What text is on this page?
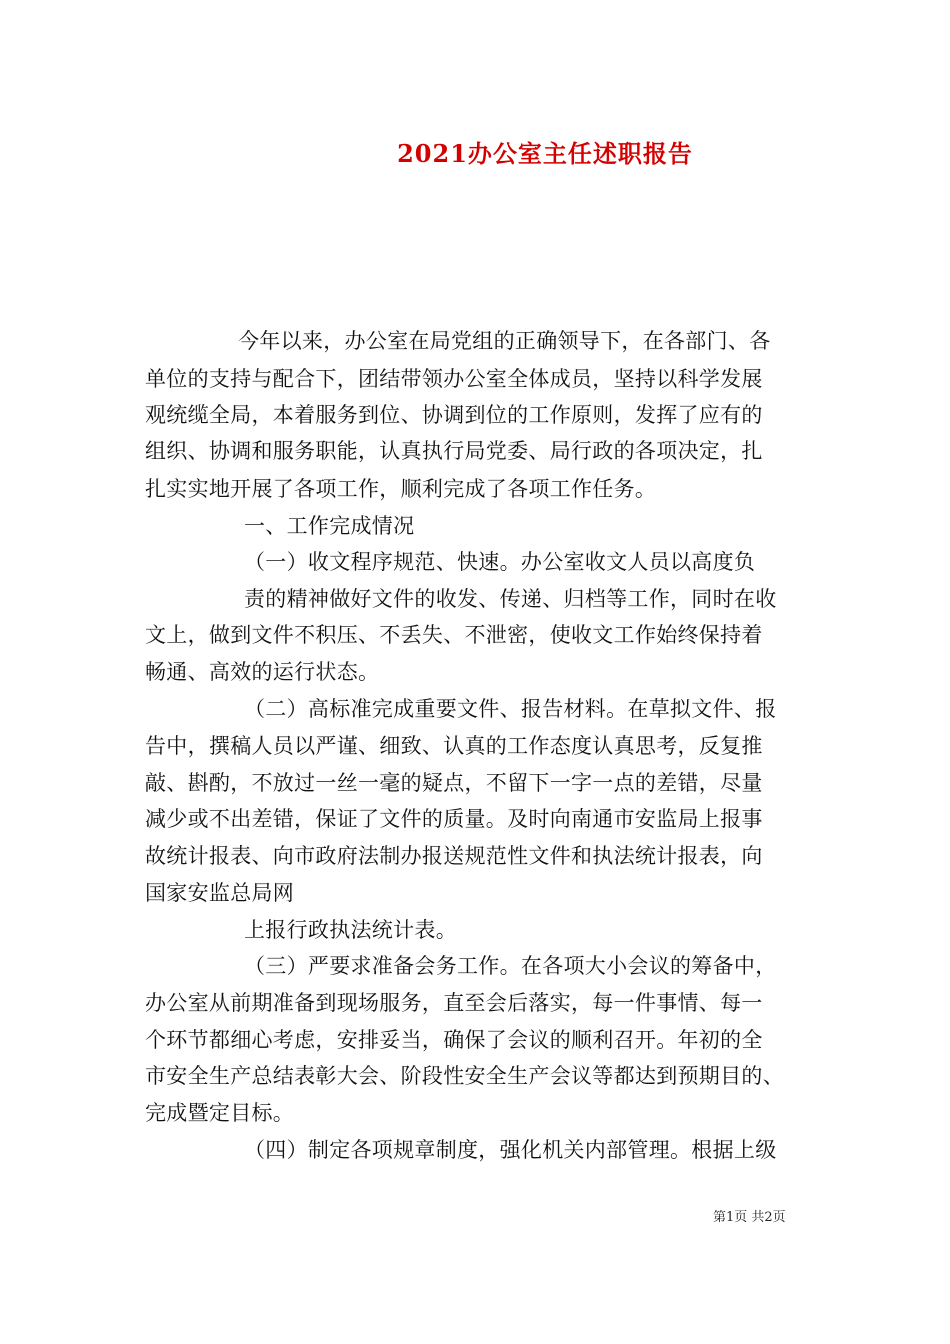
2021办公室主任述职报告
今年以来，办公室在局党组的正确领导下，在各部门、各
单位的支持与配合下，团结带领办公室全体成员，坚持以科学发展
观统缆全局，本着服务到位、协调到位的工作原则，发挥了应有的
组织、协调和服务职能，认真执行局党委、局行政的各项决定，扎
扎实实地开展了各项工作，顺利完成了各项工作任务。
一、工作完成情况
（一）收文程序规范、快速。办公室收文人员以高度负
责的精神做好文件的收发、传递、归档等工作，同时在收
文上，做到文件不积压、不丢失、不泄密，使收文工作始终保持着
畅通、高效的运行状态。
（二）高标准完成重要文件、报告材料。在草拟文件、报
告中，撰稿人员以严谨、细致、认真的工作态度认真思考，反复推
敲、斟酌，不放过一丝一毫的疑点，不留下一字一点的差错，尽量
减少或不出差错，保证了文件的质量。及时向南通市安监局上报事
故统计报表、向市政府法制办报送规范性文件和执法统计报表，向
国家安监总局网
上报行政执法统计表。
（三）严要求准备会务工作。在各项大小会议的筹备中，
办公室从前期准备到现场服务，直至会后落实，每一件事情、每一
个环节都细心考虑，安排妥当，确保了会议的顺利召开。年初的全
市安全生产总结表彰大会、阶段性安全生产会议等都达到预期目的、
完成暨定目标。
（四）制定各项规章制度，强化机关内部管理。根据上级
第1页 共2页
